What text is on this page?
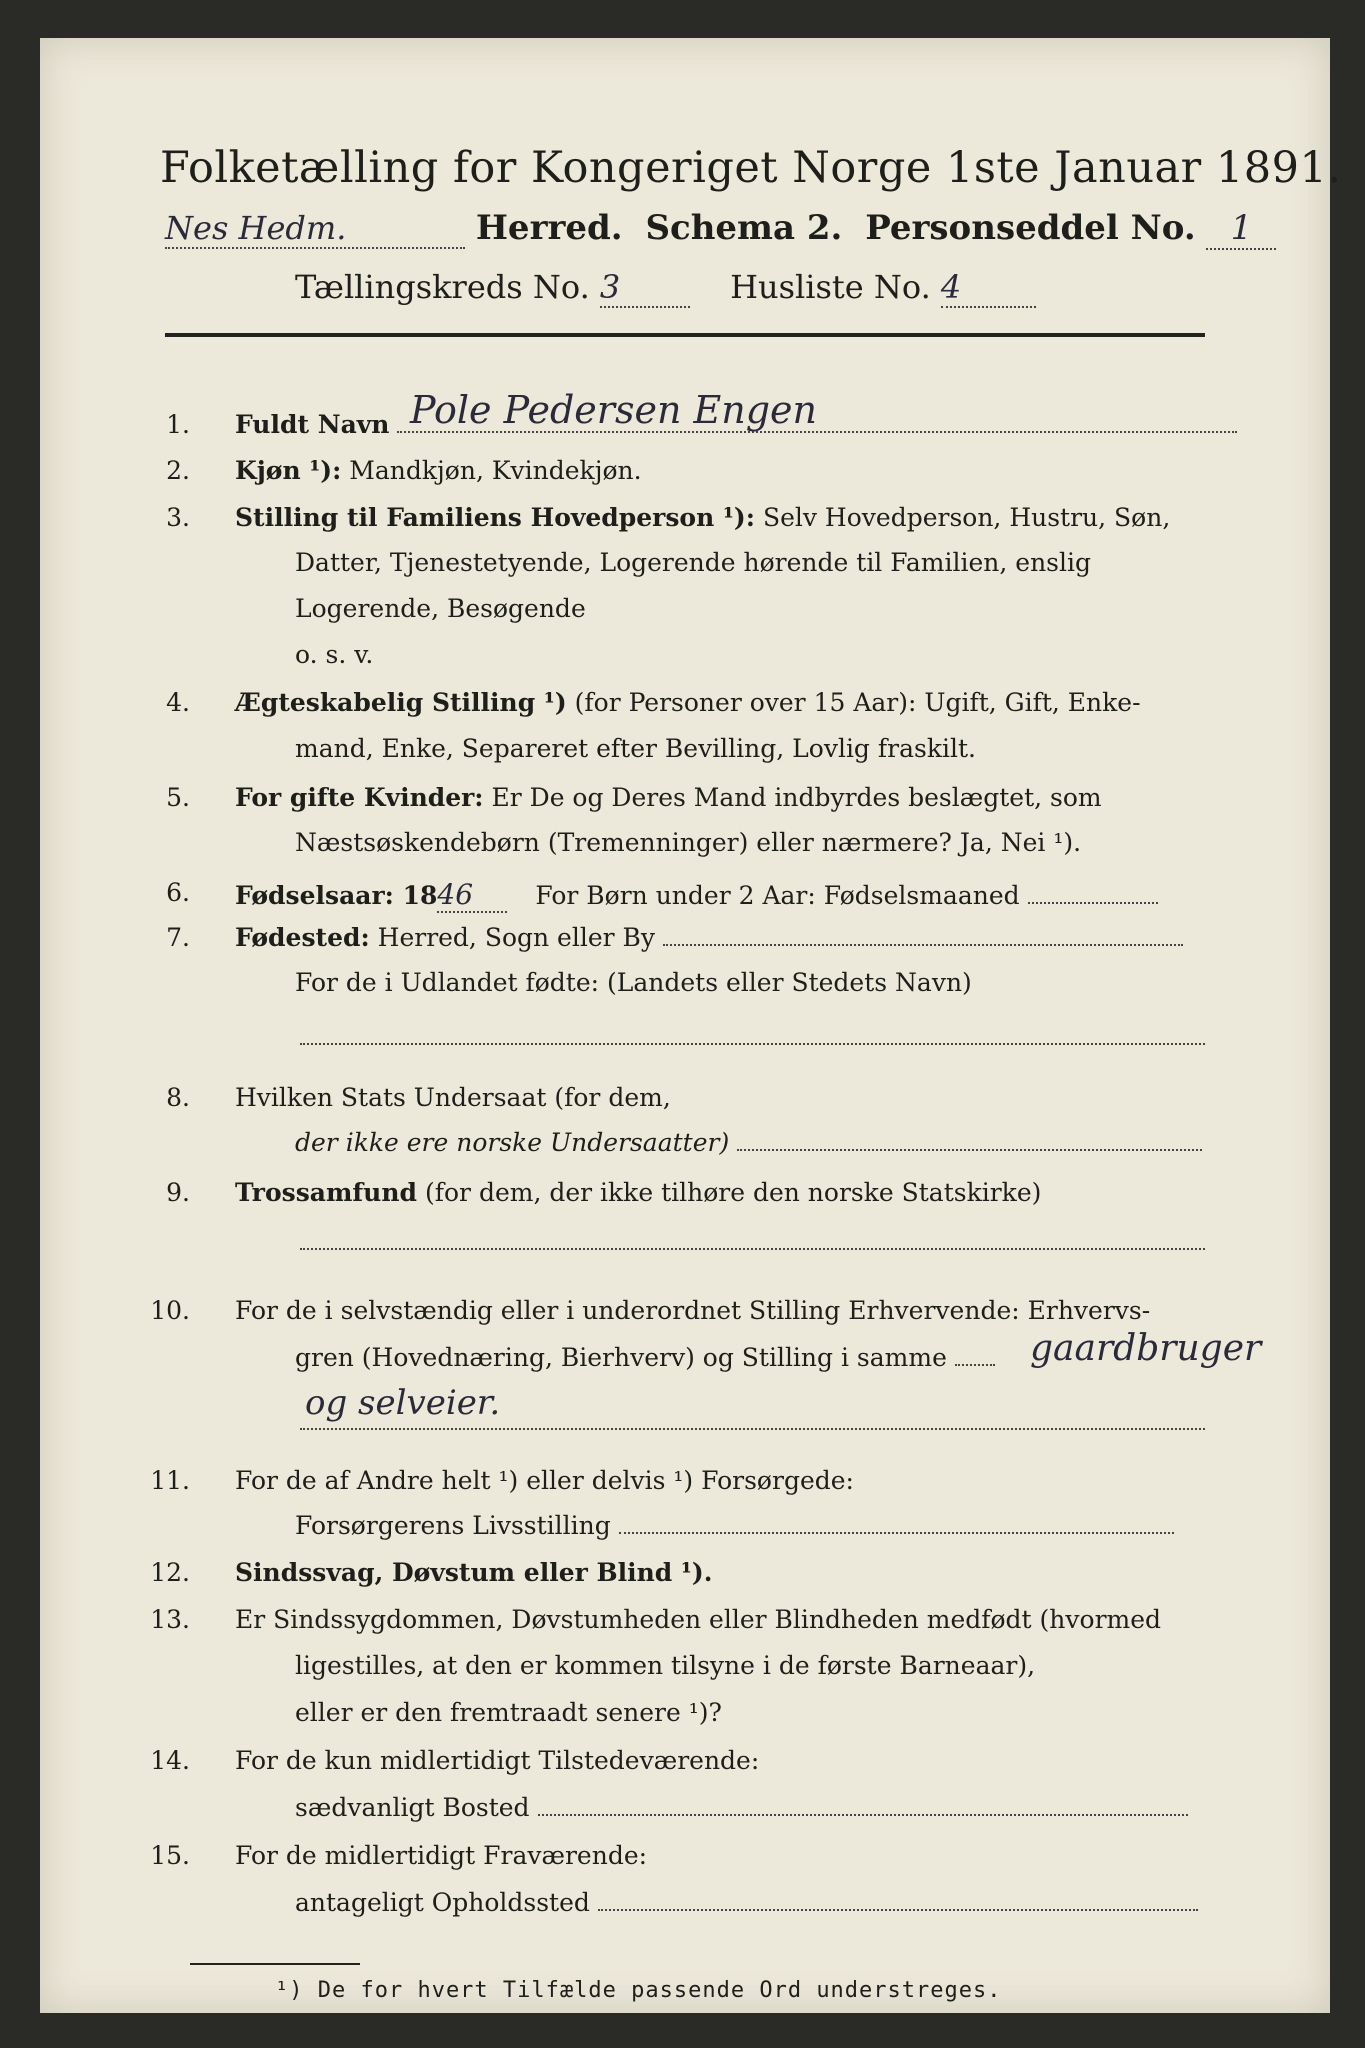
Folketælling for Kongeriget Norge 1ste Januar 1891.
Nes Hedm.	Herred. Schema 2. Personseddel No. 1
Tællingskreds No. 3	Husliste No. 4
1. Fuldt Navn Pole Pedersen Engen
2. Kjøn ¹): Mandkjøn, Kvindekjøn.
3. Stilling til Familiens Hovedperson ¹): Selv Hovedperson, Hustru, Søn,
Datter, Tjenestetyende, Logerende hørende til Familien, enslig
Logerende, Besøgende
o. s. v.
4. Ægteskabelig Stilling ¹) (for Personer over 15 Aar): Ugift, Gift, Enke-
mand, Enke, Separeret efter Bevilling, Lovlig fraskilt.
5. For gifte Kvinder: Er De og Deres Mand indbyrdes beslægtet, som
Næstsøskendebørn (Tremenninger) eller nærmere? Ja, Nei ¹).
6. Fødselsaar: 1846 For Børn under 2 Aar: Fødselsmaaned
7. Fødested: Herred, Sogn eller By
For de i Udlandet fødte: (Landets eller Stedets Navn)
8. Hvilken Stats Undersaat (for dem,
der ikke ere norske Undersaatter)
9. Trossamfund (for dem, der ikke tilhøre den norske Statskirke)
10. For de i selvstændig eller i underordnet Stilling Erhvervende: Erhvervs-
gren (Hovednæring, Bierhverv) og Stilling i samme	gaardbruger
og selveier.
11. For de af Andre helt ¹) eller delvis ¹) Forsørgede:
Forsørgerens Livsstilling
12. Sindssvag, Døvstum eller Blind ¹).
13. Er Sindssygdommen, Døvstumheden eller Blindheden medfødt (hvormed
ligestilles, at den er kommen tilsyne i de første Barneaar),
eller er den fremtraadt senere ¹)?
14. For de kun midlertidigt Tilstedeværende:
sædvanligt Bosted
15. For de midlertidigt Fraværende:
antageligt Opholdssted
¹) De for hvert Tilfælde passende Ord understreges.
